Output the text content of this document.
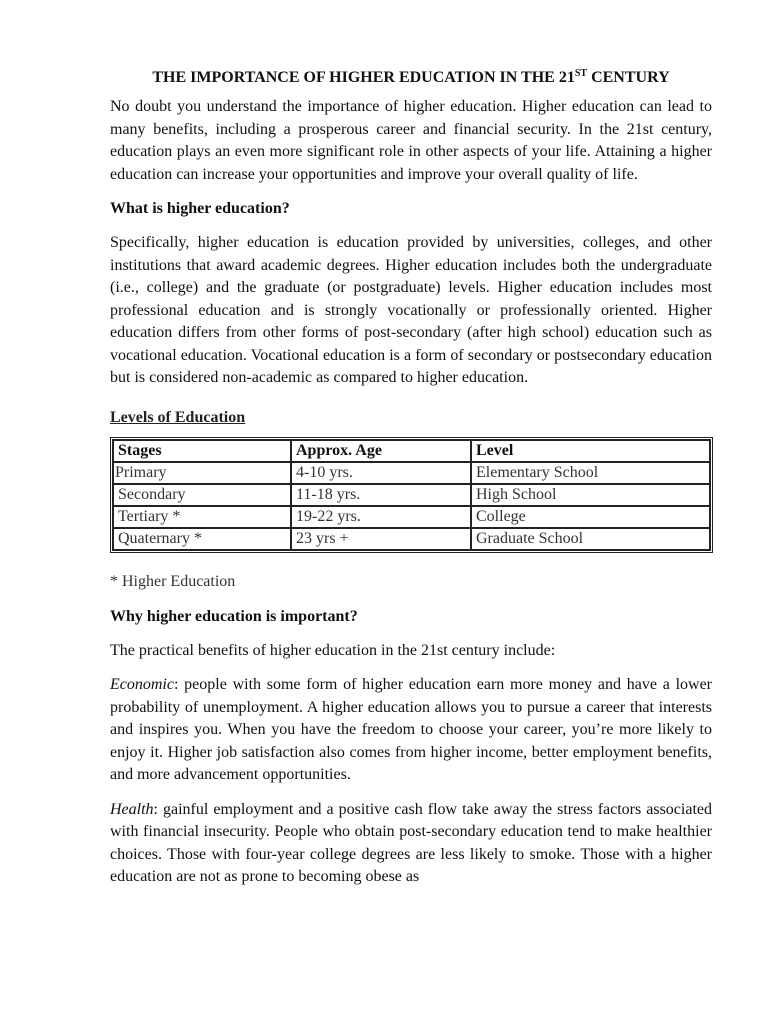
THE IMPORTANCE OF HIGHER EDUCATION IN THE 21ST CENTURY

No doubt you understand the importance of higher education. Higher education can lead to many benefits, including a prosperous career and financial security. In the 21st century, education plays an even more significant role in other aspects of your life. Attaining a higher education can increase your opportunities and improve your overall quality of life.

What is higher education?

Specifically, higher education is education provided by universities, colleges, and other institutions that award academic degrees. Higher education includes both the undergraduate (i.e., college) and the graduate (or postgraduate) levels. Higher education includes most professional education and is strongly vocationally or professionally oriented. Higher education differs from other forms of post-secondary (after high school) education such as vocational education. Vocational education is a form of secondary or postsecondary education but is considered non-academic as compared to higher education.

Levels of Education
Stages	Approx. Age	Level
Primary	4-10 yrs.	Elementary School
Secondary	11-18 yrs.	High School
Tertiary *	19-22 yrs.	College
Quaternary *	23 yrs +	Graduate School
* Higher Education
Why higher education is important?

The practical benefits of higher education in the 21st century include:

Economic: people with some form of higher education earn more money and have a lower probability of unemployment. A higher education allows you to pursue a career that interests and inspires you. When you have the freedom to choose your career, you’re more likely to enjoy it. Higher job satisfaction also comes from higher income, better employment benefits, and more advancement opportunities.

Health: gainful employment and a positive cash flow take away the stress factors associated with financial insecurity. People who obtain post-secondary education tend to make healthier choices. Those with four-year college degrees are less likely to smoke. Those with a higher education are not as prone to becoming obese as
